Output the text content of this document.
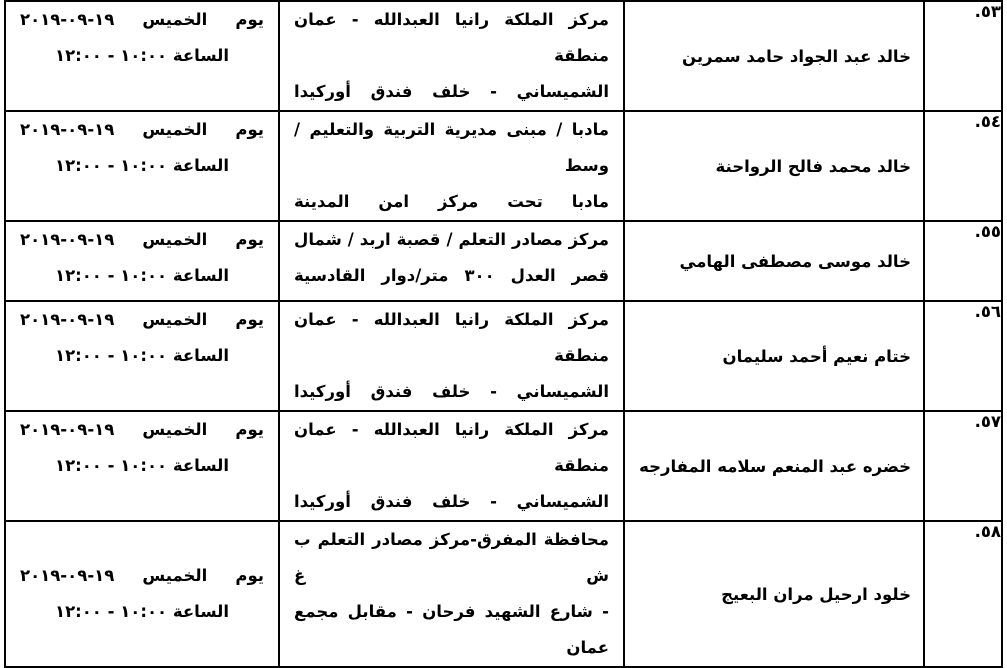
٥٣.	خالد عبد الجواد حامد سمرين	مركز الملكة رانيا العبدالله - عمان منطقة
الشميساني - خلف فندق أوركيدا	يوم الخميس ١٩-٠٩-٢٠١٩
الساعة ١٠:٠٠ - ١٢:٠٠

٥٤.	خالد محمد فالح الرواحنة	مادبا / مبنى مديرية التربية والتعليم /وسط
مادبا تحت مركز امن المدينة	يوم الخميس ١٩-٠٩-٢٠١٩
الساعة ١٠:٠٠ - ١٢:٠٠

٥٥.	خالد موسى مصطفى الهامي	مركز مصادر التعلم / قصبة اربد / شمال
قصر العدل ٣٠٠ متر/دوار القادسية	يوم الخميس ١٩-٠٩-٢٠١٩
الساعة ١٠:٠٠ - ١٢:٠٠

٥٦.	ختام نعيم أحمد سليمان	مركز الملكة رانيا العبدالله - عمان منطقة
الشميساني - خلف فندق أوركيدا	يوم الخميس ١٩-٠٩-٢٠١٩
الساعة ١٠:٠٠ - ١٢:٠٠

٥٧.	خضره عبد المنعم سلامه المفارجه	مركز الملكة رانيا العبدالله - عمان منطقة
الشميساني - خلف فندق أوركيدا	يوم الخميس ١٩-٠٩-٢٠١٩
الساعة ١٠:٠٠ - ١٢:٠٠

٥٨.	خلود ارحيل مران البعيج	محافظة المفرق-مركز مصادر التعلم ب ش غ
- شارع الشهيد فرحان - مقابل مجمع عمان	يوم الخميس ١٩-٠٩-٢٠١٩
الساعة ١٠:٠٠ - ١٢:٠٠
